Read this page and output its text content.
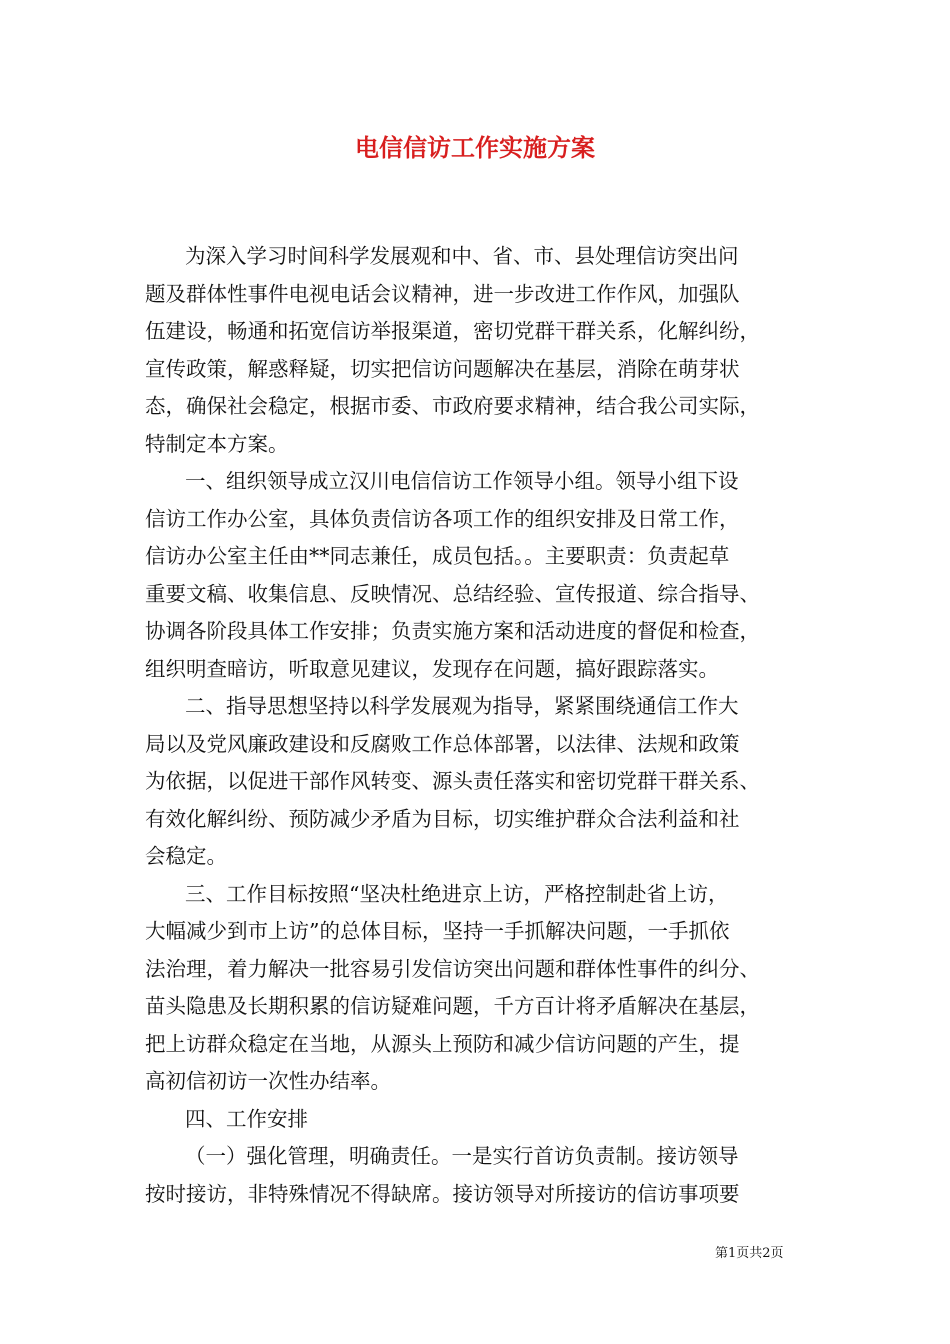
电信信访工作实施方案
为深入学习时间科学发展观和中、省、市、县处理信访突出问
题及群体性事件电视电话会议精神，进一步改进工作作风，加强队
伍建设，畅通和拓宽信访举报渠道，密切党群干群关系，化解纠纷，
宣传政策，解惑释疑，切实把信访问题解决在基层，消除在萌芽状
态，确保社会稳定，根据市委、市政府要求精神，结合我公司实际，
特制定本方案。
一、组织领导成立汉川电信信访工作领导小组。领导小组下设
信访工作办公室，具体负责信访各项工作的组织安排及日常工作，
信访办公室主任由**同志兼任，成员包括。。主要职责：负责起草
重要文稿、收集信息、反映情况、总结经验、宣传报道、综合指导、
协调各阶段具体工作安排；负责实施方案和活动进度的督促和检查，
组织明查暗访，听取意见建议，发现存在问题，搞好跟踪落实。
二、指导思想坚持以科学发展观为指导，紧紧围绕通信工作大
局以及党风廉政建设和反腐败工作总体部署，以法律、法规和政策
为依据，以促进干部作风转变、源头责任落实和密切党群干群关系、
有效化解纠纷、预防减少矛盾为目标，切实维护群众合法利益和社
会稳定。
三、工作目标按照“坚决杜绝进京上访，严格控制赴省上访，
大幅减少到市上访”的总体目标，坚持一手抓解决问题，一手抓依
法治理，着力解决一批容易引发信访突出问题和群体性事件的纠分、
苗头隐患及长期积累的信访疑难问题，千方百计将矛盾解决在基层，
把上访群众稳定在当地，从源头上预防和减少信访问题的产生，提
高初信初访一次性办结率。
四、工作安排
（一）强化管理，明确责任。一是实行首访负责制。接访领导
按时接访，非特殊情况不得缺席。接访领导对所接访的信访事项要
第1页共2页
